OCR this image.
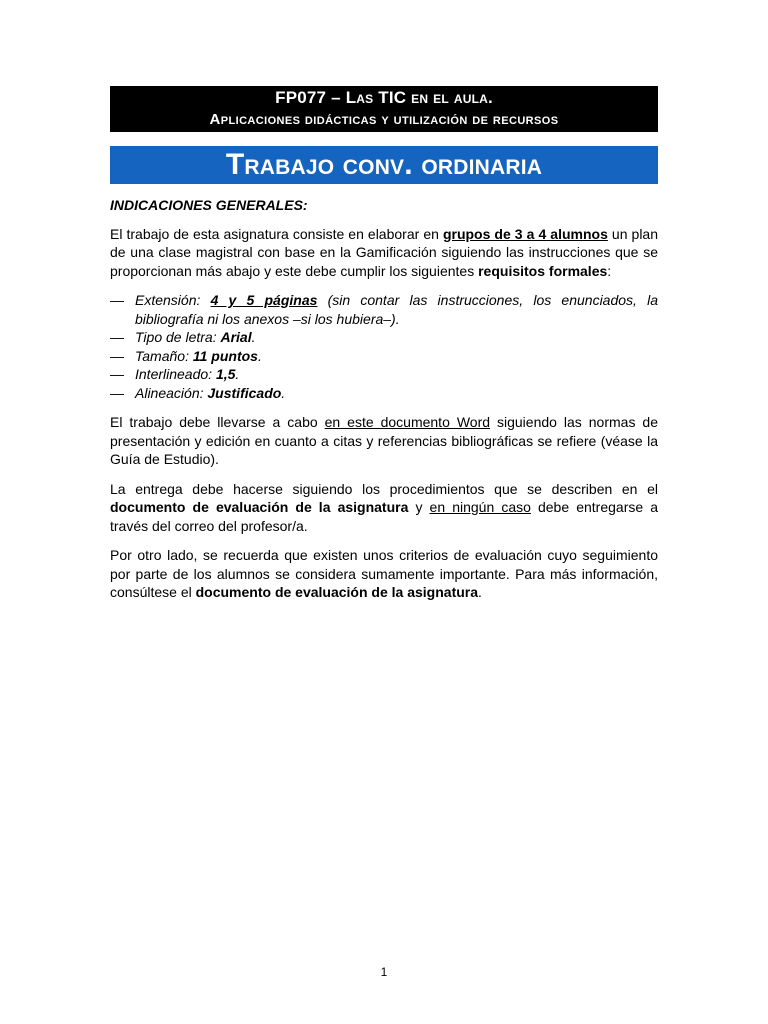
FP077 – Las TIC en el aula.
Aplicaciones didácticas y utilización de recursos
Trabajo conv. ordinaria
INDICACIONES GENERALES:

El trabajo de esta asignatura consiste en elaborar en grupos de 3 a 4 alumnos un plan de una clase magistral con base en la Gamificación siguiendo las instrucciones que se proporcionan más abajo y este debe cumplir los siguientes requisitos formales:

— Extensión: 4 y 5 páginas (sin contar las instrucciones, los enunciados, la bibliografía ni los anexos –si los hubiera–).
— Tipo de letra: Arial.
— Tamaño: 11 puntos.
— Interlineado: 1,5.
— Alineación: Justificado.

El trabajo debe llevarse a cabo en este documento Word siguiendo las normas de presentación y edición en cuanto a citas y referencias bibliográficas se refiere (véase la Guía de Estudio).

La entrega debe hacerse siguiendo los procedimientos que se describen en el documento de evaluación de la asignatura y en ningún caso debe entregarse a través del correo del profesor/a.

Por otro lado, se recuerda que existen unos criterios de evaluación cuyo seguimiento por parte de los alumnos se considera sumamente importante. Para más información, consúltese el documento de evaluación de la asignatura.

1
